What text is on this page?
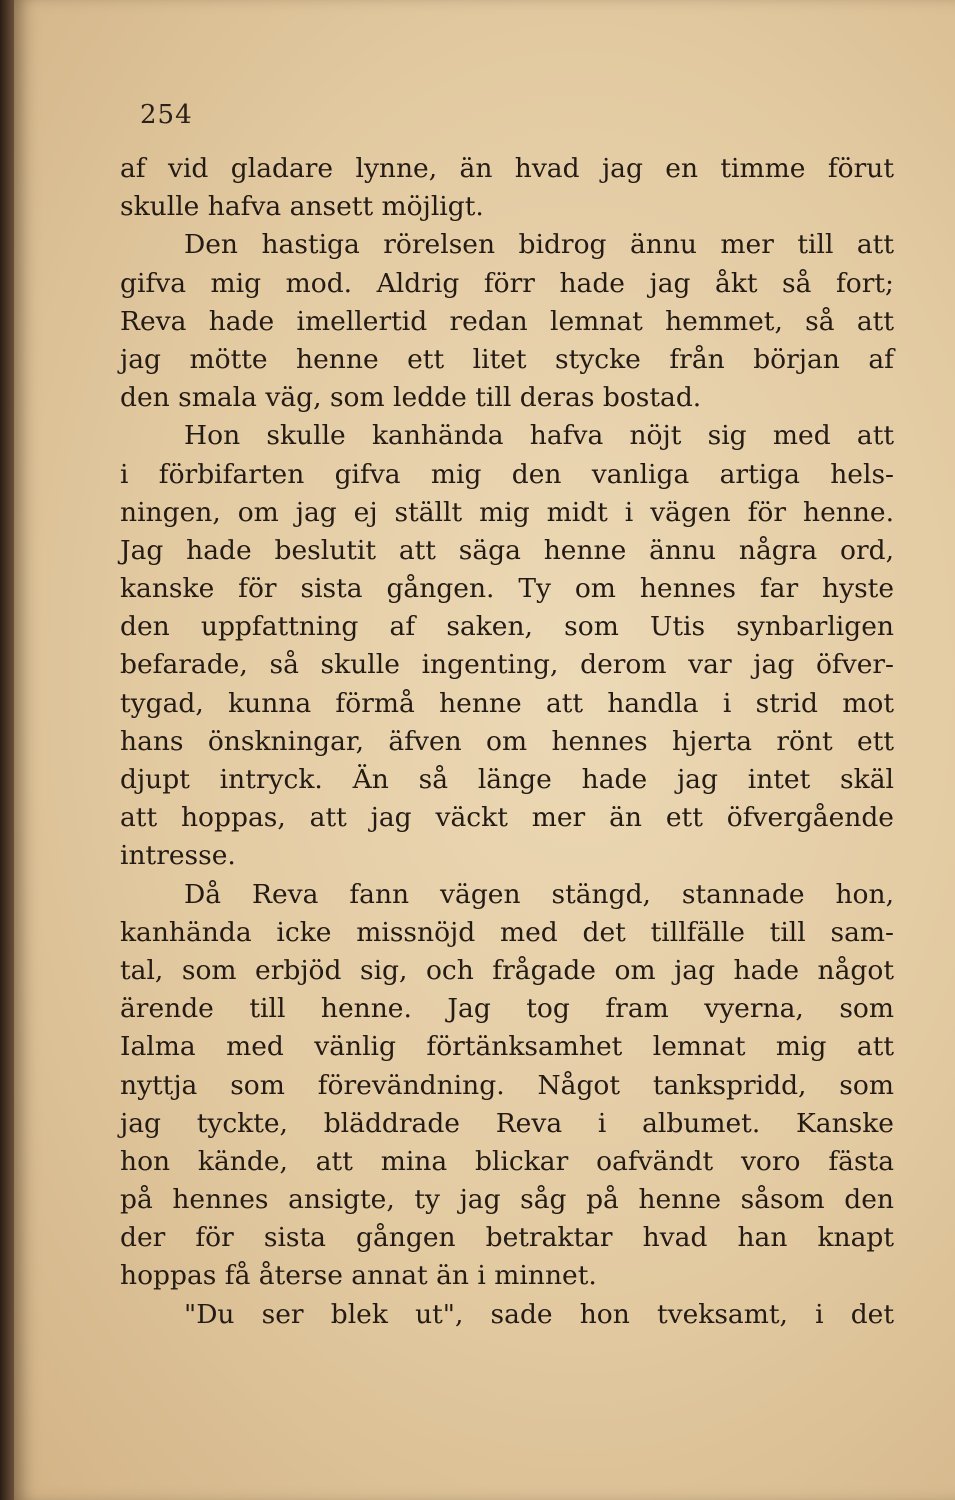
254
af vid gladare lynne, än hvad jag en timme förut
skulle hafva ansett möjligt.
Den hastiga rörelsen bidrog ännu mer till att
gifva mig mod. Aldrig förr hade jag åkt så fort;
Reva hade imellertid redan lemnat hemmet, så att
jag mötte henne ett litet stycke från början af
den smala väg, som ledde till deras bostad.
Hon skulle kanhända hafva nöjt sig med att
i förbifarten gifva mig den vanliga artiga hels-
ningen, om jag ej ställt mig midt i vägen för henne.
Jag hade beslutit att säga henne ännu några ord,
kanske för sista gången. Ty om hennes far hyste
den uppfattning af saken, som Utis synbarligen
befarade, så skulle ingenting, derom var jag öfver-
tygad, kunna förmå henne att handla i strid mot
hans önskningar, äfven om hennes hjerta rönt ett
djupt intryck. Än så länge hade jag intet skäl
att hoppas, att jag väckt mer än ett öfvergående
intresse.
Då Reva fann vägen stängd, stannade hon,
kanhända icke missnöjd med det tillfälle till sam-
tal, som erbjöd sig, och frågade om jag hade något
ärende till henne. Jag tog fram vyerna, som
Ialma med vänlig förtänksamhet lemnat mig att
nyttja som förevändning. Något tankspridd, som
jag tyckte, bläddrade Reva i albumet. Kanske
hon kände, att mina blickar oafvändt voro fästa
på hennes ansigte, ty jag såg på henne såsom den
der för sista gången betraktar hvad han knapt
hoppas få återse annat än i minnet.
"Du ser blek ut", sade hon tveksamt, i det
